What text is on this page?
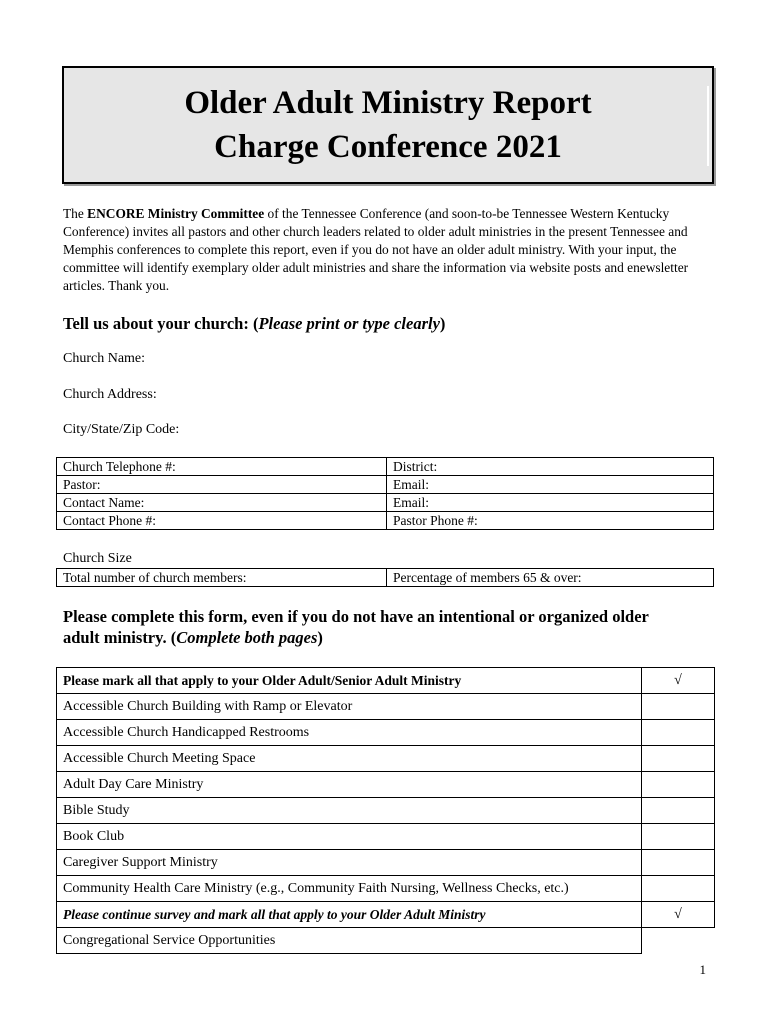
Older Adult Ministry Report
Charge Conference 2021
The ENCORE Ministry Committee of the Tennessee Conference (and soon-to-be Tennessee Western Kentucky Conference) invites all pastors and other church leaders related to older adult ministries in the present Tennessee and Memphis conferences to complete this report, even if you do not have an older adult ministry. With your input, the committee will identify exemplary older adult ministries and share the information via website posts and enewsletter articles. Thank you.
Tell us about your church: (Please print or type clearly)
Church Name:
Church Address:
City/State/Zip Code:
Church Telephone #:	District:
Pastor:	Email:
Contact Name:	Email:
Contact Phone #:	Pastor Phone #:
Church Size
Total number of church members:	Percentage of members 65 & over:
Please complete this form, even if you do not have an intentional or organized older
adult ministry. (Complete both pages)
Please mark all that apply to your Older Adult/Senior Adult Ministry	√
Accessible Church Building with Ramp or Elevator	
Accessible Church Handicapped Restrooms	
Accessible Church Meeting Space	
Adult Day Care Ministry	
Bible Study	
Book Club	
Caregiver Support Ministry	
Community Health Care Ministry (e.g., Community Faith Nursing, Wellness Checks, etc.)	
Please continue survey and mark all that apply to your Older Adult Ministry	√
Congregational Service Opportunities	
1
